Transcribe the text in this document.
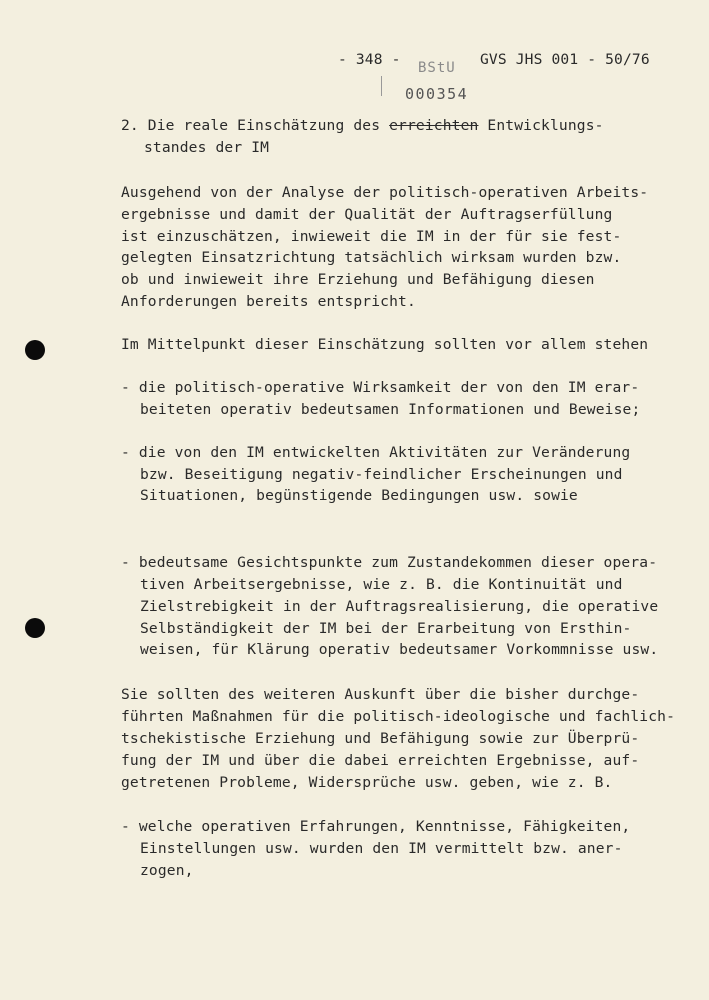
- 348 -	GVS JHS 001 - 50/76
BStU
000354
2. Die reale Einschätzung des erreichten Entwicklungs-
standes der IM
Ausgehend von der Analyse der politisch-operativen Arbeits-
ergebnisse und damit der Qualität der Auftragserfüllung
ist einzuschätzen, inwieweit die IM in der für sie fest-
gelegten Einsatzrichtung tatsächlich wirksam wurden bzw.
ob und inwieweit ihre Erziehung und Befähigung diesen
Anforderungen bereits entspricht.
Im Mittelpunkt dieser Einschätzung sollten vor allem stehen
- die politisch-operative Wirksamkeit der von den IM erar-
beiteten operativ bedeutsamen Informationen und Beweise;
- die von den IM entwickelten Aktivitäten zur Veränderung
bzw. Beseitigung negativ-feindlicher Erscheinungen und
Situationen, begünstigende Bedingungen usw. sowie
- bedeutsame Gesichtspunkte zum Zustandekommen dieser opera-
tiven Arbeitsergebnisse, wie z. B. die Kontinuität und
Zielstrebigkeit in der Auftragsrealisierung, die operative
Selbständigkeit der IM bei der Erarbeitung von Ersthin-
weisen, für Klärung operativ bedeutsamer Vorkommnisse usw.
Sie sollten des weiteren Auskunft über die bisher durchge-
führten Maßnahmen für die politisch-ideologische und fachlich-
tschekistische Erziehung und Befähigung sowie zur Überprü-
fung der IM und über die dabei erreichten Ergebnisse, auf-
getretenen Probleme, Widersprüche usw. geben, wie z. B.
- welche operativen Erfahrungen, Kenntnisse, Fähigkeiten,
Einstellungen usw. wurden den IM vermittelt bzw. aner-
zogen,
